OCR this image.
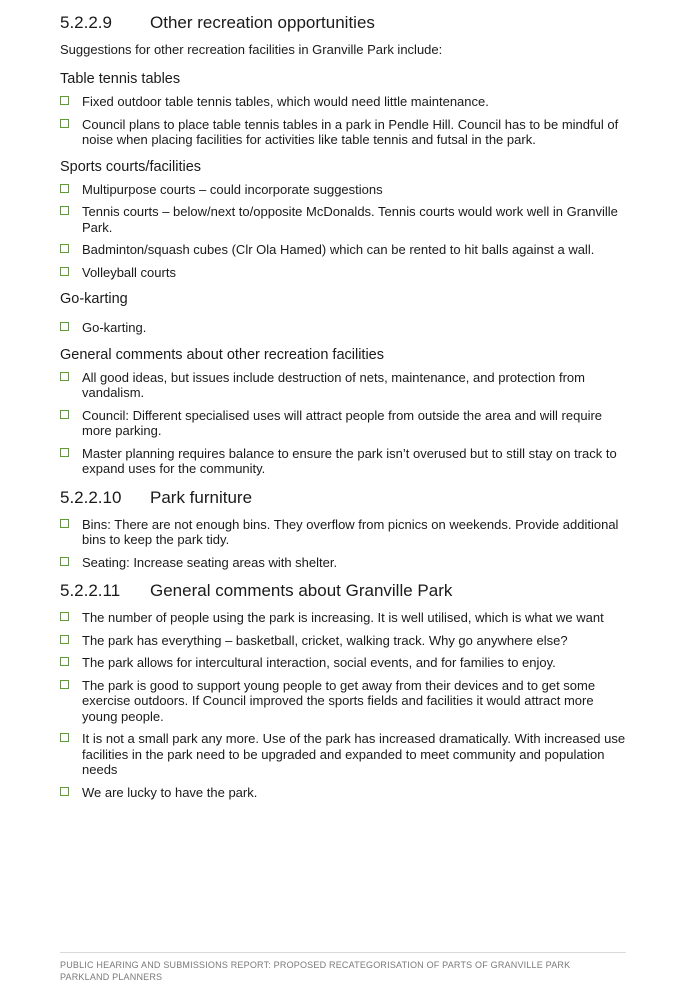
5.2.2.9	Other recreation opportunities

Suggestions for other recreation facilities in Granville Park include:

Table tennis tables
Fixed outdoor table tennis tables, which would need little maintenance.
Council plans to place table tennis tables in a park in Pendle Hill. Council has to be mindful of noise when placing facilities for activities like table tennis and futsal in the park.
Sports courts/facilities
Multipurpose courts – could incorporate suggestions
Tennis courts – below/next to/opposite McDonalds. Tennis courts would work well in Granville Park.
Badminton/squash cubes (Clr Ola Hamed) which can be rented to hit balls against a wall.
Volleyball courts
Go-karting
Go-karting.
General comments about other recreation facilities
All good ideas, but issues include destruction of nets, maintenance, and protection from vandalism.
Council: Different specialised uses will attract people from outside the area and will require more parking.
Master planning requires balance to ensure the park isn’t overused but to still stay on track to expand uses for the community.
5.2.2.10	Park furniture
Bins: There are not enough bins. They overflow from picnics on weekends. Provide additional bins to keep the park tidy.
Seating: Increase seating areas with shelter.
5.2.2.11	General comments about Granville Park
The number of people using the park is increasing. It is well utilised, which is what we want
The park has everything – basketball, cricket, walking track. Why go anywhere else?
The park allows for intercultural interaction, social events, and for families to enjoy.
The park is good to support young people to get away from their devices and to get some exercise outdoors. If Council improved the sports fields and facilities it would attract more young people.
It is not a small park any more. Use of the park has increased dramatically. With increased use facilities in the park need to be upgraded and expanded to meet community and population needs
We are lucky to have the park.
PUBLIC HEARING AND SUBMISSIONS REPORT: PROPOSED RECATEGORISATION OF PARTS OF GRANVILLE PARK
PARKLAND PLANNERS
